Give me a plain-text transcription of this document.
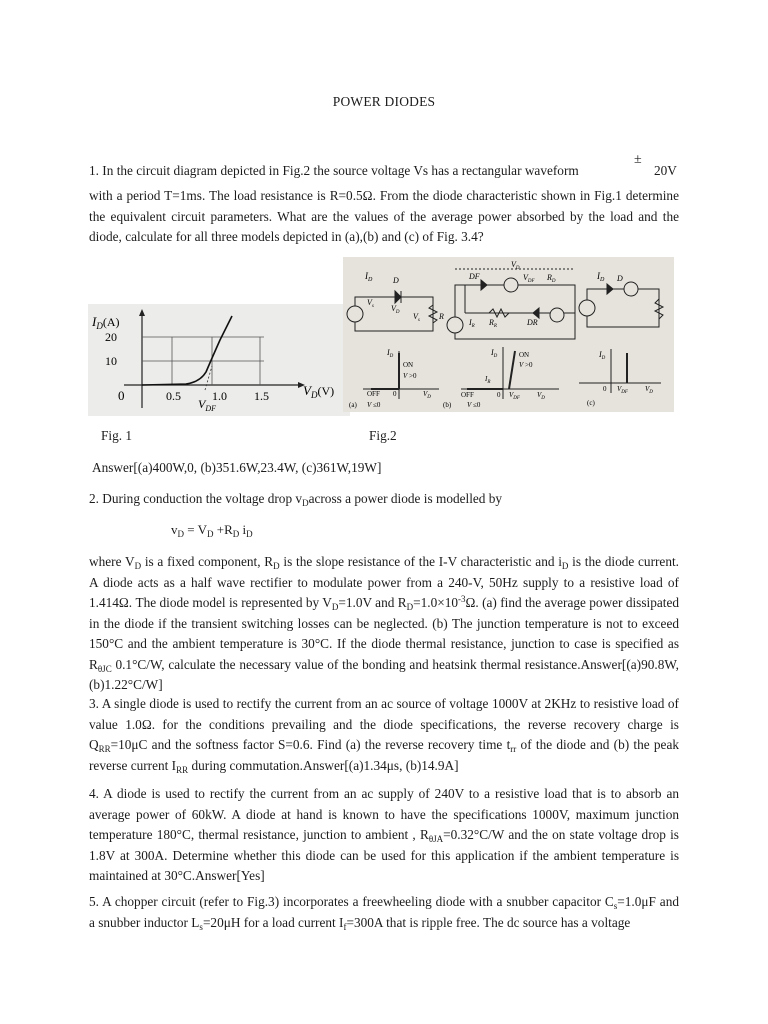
POWER DIODES
1. In the circuit diagram depicted in Fig.2 the source voltage Vs has a rectangular waveform
±
20V

with a period T=1ms. The load resistance is R=0.5Ω. From the diode characteristic shown in Fig.1 determine the equivalent circuit parameters. What are the values of the average power absorbed by the load and the diode, calculate for all three models depicted in (a),(b) and (c) of Fig. 3.4?

$I_D(A)$
20
10
0	0.5	1.0 1.5
$V_{DF}$
$V_D(V)$
$I_D$	D
$V_s$ $V_D$ $V_s$ R
$V_D$
DF	$V_{DF}$ $R_D$
$I_R$ $R_R$	DR
$I_D$ D
$I_D$
ON
V >0
OFF 0	$V_D$
(a) V ≤0
$I_D$	ON
V >0
$I_R$
OFF	0 $V_{DF}$ $V_D$
(b) V ≤0
$I_D$
0 $V_{DF}$ $V_D$
(c)
Fig. 1	Fig.2
Answer[(a)400W,0, (b)351.6W,23.4W, (c)361W,19W]

2. During conduction the voltage drop $v_Dacross$ a power diode is modelled by

$v_D = V_D +R_D$ $i_D$

where $V_D$ is a fixed component, $R_D$ is the slope resistance of the I-V characteristic and $i_D$ is the diode current. A diode acts as a half wave rectifier to modulate power from a 240-V, 50Hz supply to a resistive load of 1.414Ω. The diode model is represented by $V_D=1.0V$ and $R_D=1.0\times 10^{-3}\Omega$. (a) find the average power dissipated in the diode if the transient switching losses can be neglected. (b) The junction temperature is not to exceed 150°C and the ambient temperature is 30°C. If the diode thermal resistance, junction to case is specified as $R_{\theta JC}$ 0.1°C/W, calculate the necessary value of the bonding and heatsink thermal resistance.Answer[(a)90.8W, (b)1.22°C/W]

3. A single diode is used to rectify the current from an ac source of voltage 1000V at 2KHz to resistive load of value 1.0Ω. for the conditions prevailing and the diode specifications, the reverse recovery charge is $Q_{RR}=10\mu C$ and the softness factor S=0.6. Find (a) the reverse recovery time $t_{rr}$ of the diode and (b) the peak reverse current $I_{RR}$ during commutation.Answer[(a)1.34μs, (b)14.9A]

4. A diode is used to rectify the current from an ac supply of 240V to a resistive load that is to absorb an average power of 60kW. A diode at hand is known to have the specifications 1000V, maximum junction temperature 180°C, thermal resistance, junction to ambient , $R_{\theta JA}=0.32^\circ C/W$ and the on state voltage drop is 1.8V at 300A. Determine whether this diode can be used for this application if the ambient temperature is maintained at 30°C.Answer[Yes]

5. A chopper circuit (refer to Fig.3) incorporates a freewheeling diode with a snubber capacitor $C_s=1.0\mu F$ and a snubber inductor $L_s=20\mu H$ for a load current $I_f=300A$ that is ripple free. The dc source has a voltage
